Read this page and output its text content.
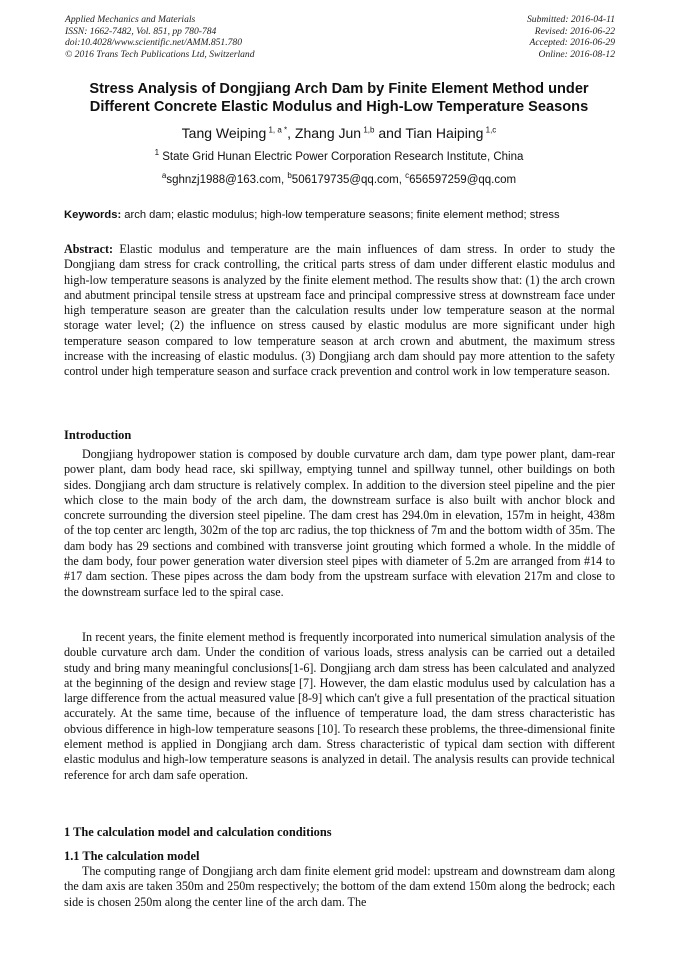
Applied Mechanics and Materials
ISSN: 1662-7482, Vol. 851, pp 780-784
doi:10.4028/www.scientific.net/AMM.851.780
© 2016 Trans Tech Publications Ltd, Switzerland
Submitted: 2016-04-11
Revised: 2016-06-22
Accepted: 2016-06-29
Online: 2016-08-12
Stress Analysis of Dongjiang Arch Dam by Finite Element Method under
Different Concrete Elastic Modulus and High-Low Temperature Seasons
Tang Weiping $^{1, a *}$, Zhang Jun $^{1,b}$ and Tian Haiping $^{1,c}$
$^1$ State Grid Hunan Electric Power Corporation Research Institute, China
$^a$sghnzj1988@163.com, $^b$506179735@qq.com, $^c$656597259@qq.com
Keywords: arch dam; elastic modulus; high-low temperature seasons; finite element method; stress
Abstract: Elastic modulus and temperature are the main influences of dam stress. In order to study the Dongjiang dam stress for crack controlling, the critical parts stress of dam under different elastic modulus and high-low temperature seasons is analyzed by the finite element method. The results show that: (1) the arch crown and abutment principal tensile stress at upstream face and principal compressive stress at downstream face under high temperature season are greater than the calculation results under low temperature season at the normal storage water level; (2) the influence on stress caused by elastic modulus are more significant under high temperature season compared to low temperature season at arch crown and abutment, the maximum stress increase with the increasing of elastic modulus. (3) Dongjiang arch dam should pay more attention to the safety control under high temperature season and surface crack prevention and control work in low temperature season.
Introduction
Dongjiang hydropower station is composed by double curvature arch dam, dam type power plant, dam-rear power plant, dam body head race, ski spillway, emptying tunnel and spillway tunnel, other buildings on both sides. Dongjiang arch dam structure is relatively complex. In addition to the diversion steel pipeline and the pier which close to the main body of the arch dam, the downstream surface is also built with anchor block and concrete surrounding the diversion steel pipeline. The dam crest has 294.0m in elevation, 157m in height, 438m of the top center arc length, 302m of the top arc radius, the top thickness of 7m and the bottom width of 35m. The dam body has 29 sections and combined with transverse joint grouting which formed a whole. In the middle of the dam body, four power generation water diversion steel pipes with diameter of 5.2m are arranged from #14 to #17 dam section. These pipes across the dam body from the upstream surface with elevation 217m and close to the downstream surface led to the spiral case.
In recent years, the finite element method is frequently incorporated into numerical simulation analysis of the double curvature arch dam. Under the condition of various loads, stress analysis can be carried out a detailed study and bring many meaningful conclusions[1-6]. Dongjiang arch dam stress has been calculated and analyzed at the beginning of the design and review stage [7]. However, the dam elastic modulus used by calculation has a large difference from the actual measured value [8-9] which can't give a full presentation of the practical situation accurately. At the same time, because of the influence of temperature load, the dam stress characteristic has obvious difference in high-low temperature seasons [10]. To research these problems, the three-dimensional finite element method is applied in Dongjiang arch dam. Stress characteristic of typical dam section with different elastic modulus and high-low temperature seasons is analyzed in detail. The analysis results can provide technical reference for arch dam safe operation.
1 The calculation model and calculation conditions
1.1 The calculation model
The computing range of Dongjiang arch dam finite element grid model: upstream and downstream dam along the dam axis are taken 350m and 250m respectively; the bottom of the dam extend 150m along the bedrock; each side is chosen 250m along the center line of the arch dam. The
